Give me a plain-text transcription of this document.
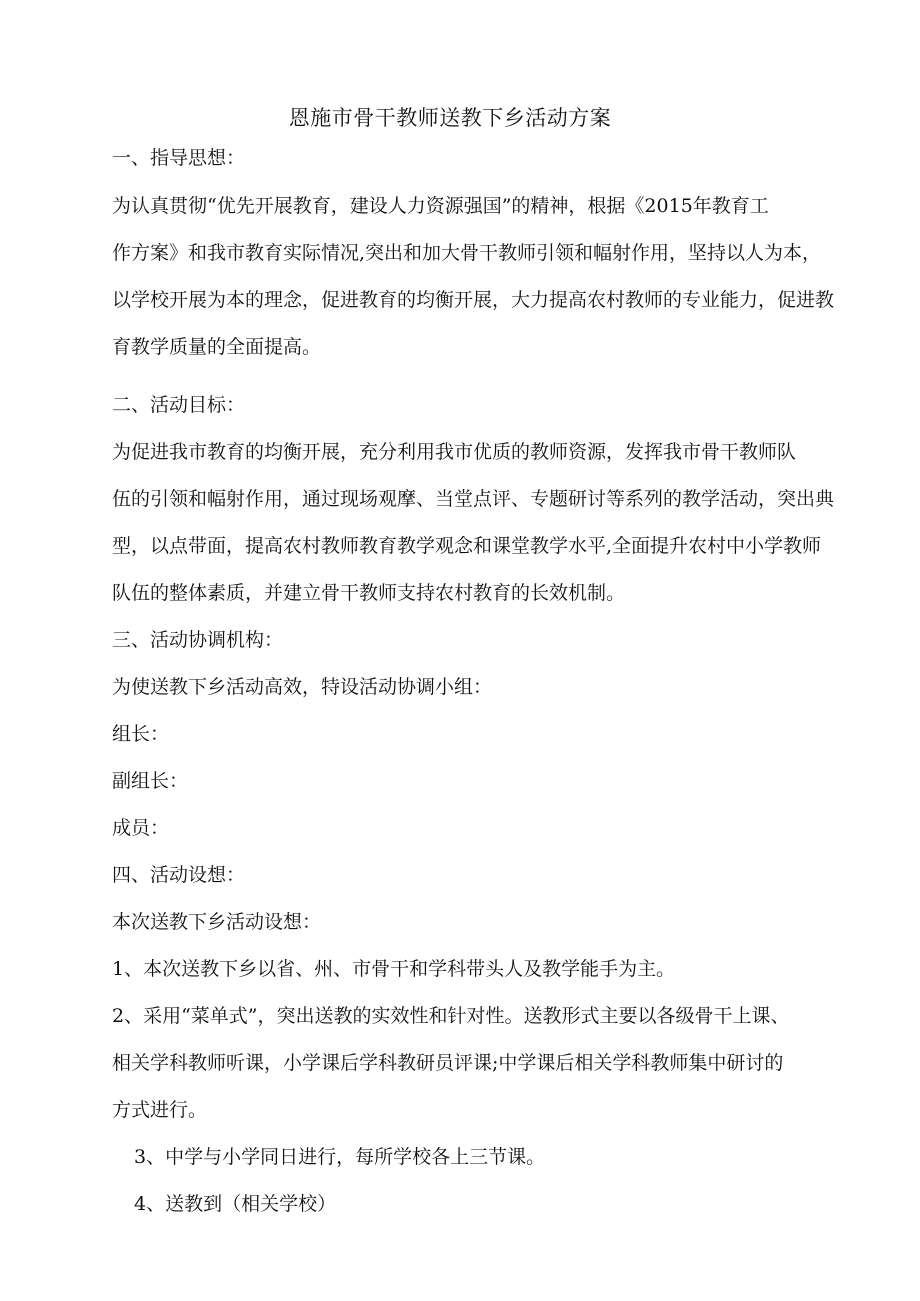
恩施市骨干教师送教下乡活动方案
一、指导思想：
为认真贯彻“优先开展教育，建设人力资源强国”的精神，根据《2015年教育工
作方案》和我市教育实际情况,突出和加大骨干教师引领和幅射作用，坚持以人为本，
以学校开展为本的理念，促进教育的均衡开展，大力提高农村教师的专业能力，促进教
育教学质量的全面提高。
二、活动目标：
为促进我市教育的均衡开展，充分利用我市优质的教师资源，发挥我市骨干教师队
伍的引领和幅射作用，通过现场观摩、当堂点评、专题研讨等系列的教学活动，突出典
型，以点带面，提高农村教师教育教学观念和课堂教学水平,全面提升农村中小学教师
队伍的整体素质，并建立骨干教师支持农村教育的长效机制。
三、活动协调机构：
为使送教下乡活动高效，特设活动协调小组：
组长：
副组长：
成员：
四、活动设想：
本次送教下乡活动设想：
1、本次送教下乡以省、州、市骨干和学科带头人及教学能手为主。
2、采用“菜单式”，突出送教的实效性和针对性。送教形式主要以各级骨干上课、
相关学科教师听课，小学课后学科教研员评课;中学课后相关学科教师集中研讨的
方式进行。
3、中学与小学同日进行，每所学校各上三节课。
4、送教到（相关学校）
